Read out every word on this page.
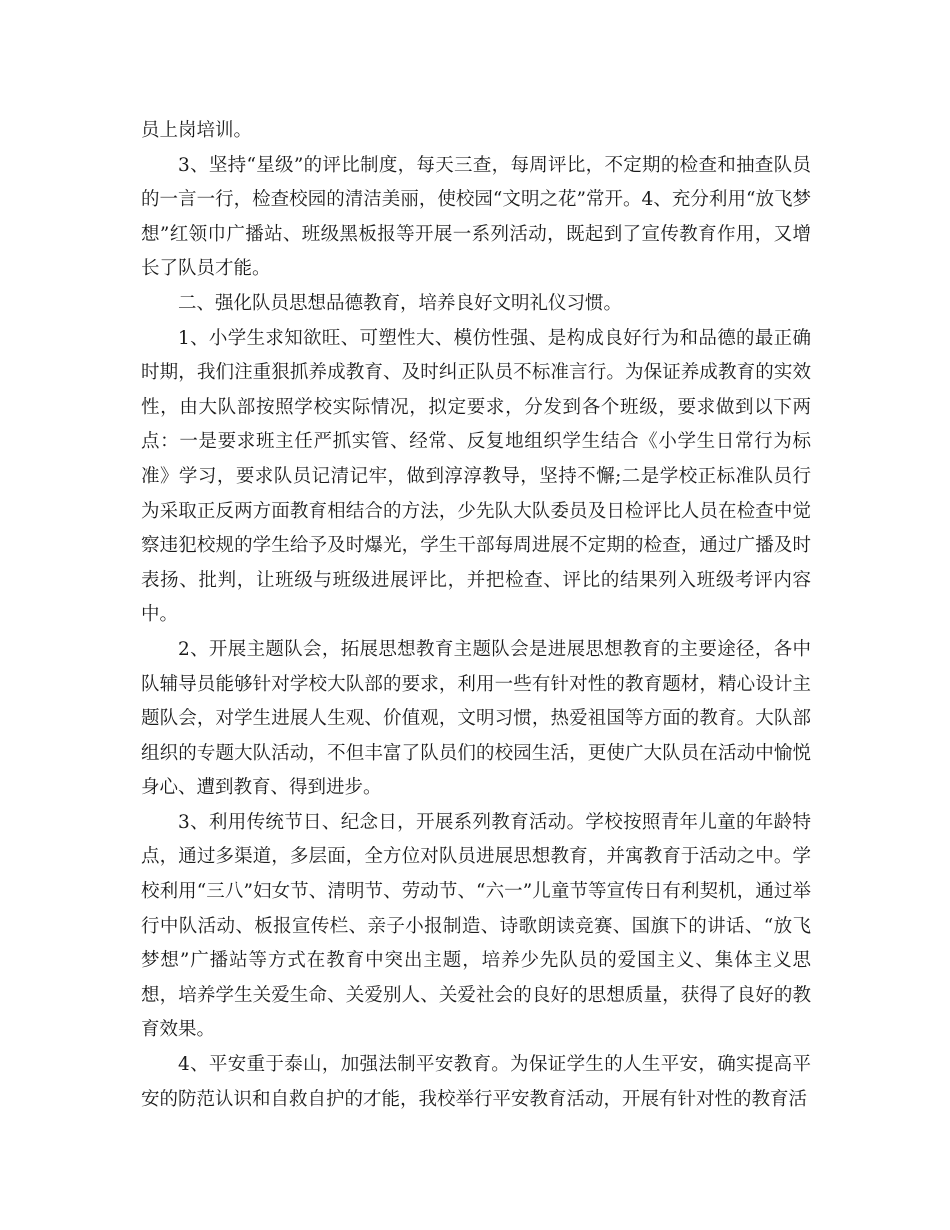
员上岗培训。

3、坚持“星级”的评比制度，每天三查，每周评比，不定期的检查和抽查队员的一言一行，检查校园的清洁美丽，使校园“文明之花”常开。4、充分利用“放飞梦想”红领巾广播站、班级黑板报等开展一系列活动，既起到了宣传教育作用，又增长了队员才能。

二、强化队员思想品德教育，培养良好文明礼仪习惯。

1、小学生求知欲旺、可塑性大、模仿性强、是构成良好行为和品德的最正确时期，我们注重狠抓养成教育、及时纠正队员不标准言行。为保证养成教育的实效性，由大队部按照学校实际情况，拟定要求，分发到各个班级，要求做到以下两点：一是要求班主任严抓实管、经常、反复地组织学生结合《小学生日常行为标准》学习，要求队员记清记牢，做到淳淳教导，坚持不懈;二是学校正标准队员行为采取正反两方面教育相结合的方法，少先队大队委员及日检评比人员在检查中觉察违犯校规的学生给予及时爆光，学生干部每周进展不定期的检查，通过广播及时表扬、批判，让班级与班级进展评比，并把检查、评比的结果列入班级考评内容中。

2、开展主题队会，拓展思想教育主题队会是进展思想教育的主要途径，各中队辅导员能够针对学校大队部的要求，利用一些有针对性的教育题材，精心设计主题队会，对学生进展人生观、价值观，文明习惯，热爱祖国等方面的教育。大队部组织的专题大队活动，不但丰富了队员们的校园生活，更使广大队员在活动中愉悦身心、遭到教育、得到进步。

3、利用传统节日、纪念日，开展系列教育活动。学校按照青年儿童的年龄特点，通过多渠道，多层面，全方位对队员进展思想教育，并寓教育于活动之中。学校利用“三八”妇女节、清明节、劳动节、“六一”儿童节等宣传日有利契机，通过举行中队活动、板报宣传栏、亲子小报制造、诗歌朗读竞赛、国旗下的讲话、“放飞梦想”广播站等方式在教育中突出主题，培养少先队员的爱国主义、集体主义思想，培养学生关爱生命、关爱别人、关爱社会的良好的思想质量，获得了良好的教育效果。

4、平安重于泰山，加强法制平安教育。为保证学生的人生平安，确实提高平安的防范认识和自救自护的才能，我校举行平安教育活动，开展有针对性的教育活
